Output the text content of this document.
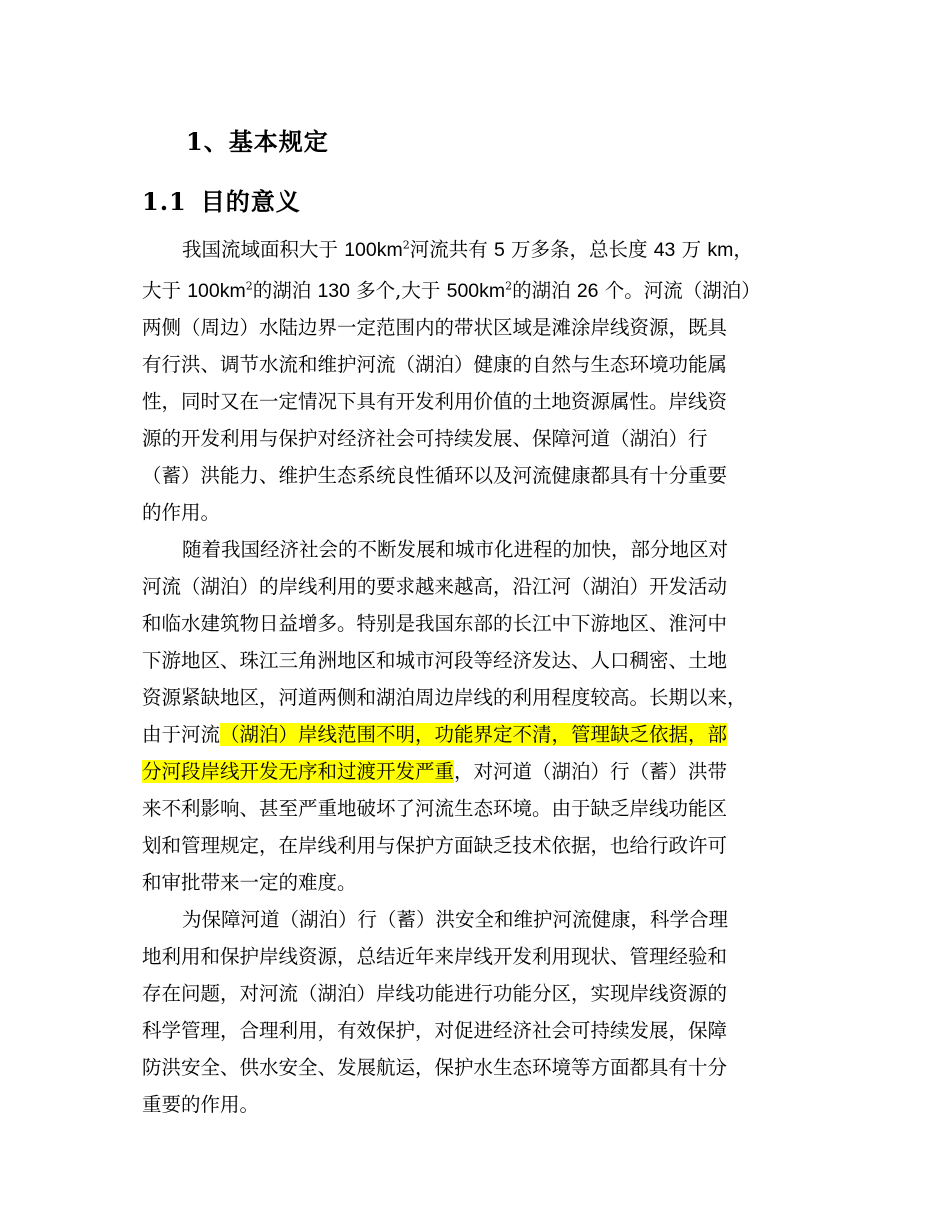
1、基本规定
1.1 目的意义
我国流域面积大于 $100km^2$河流共有 5 万多条，总长度 43 万 km，
大于 $100km^2$的湖泊 130 多个,大于 $500km^2$的湖泊 26 个。河流（湖泊）
两侧（周边）水陆边界一定范围内的带状区域是滩涂岸线资源，既具
有行洪、调节水流和维护河流（湖泊）健康的自然与生态环境功能属
性，同时又在一定情况下具有开发利用价值的土地资源属性。岸线资
源的开发利用与保护对经济社会可持续发展、保障河道（湖泊）行
（蓄）洪能力、维护生态系统良性循环以及河流健康都具有十分重要
的作用。
随着我国经济社会的不断发展和城市化进程的加快，部分地区对
河流（湖泊）的岸线利用的要求越来越高，沿江河（湖泊）开发活动
和临水建筑物日益增多。特别是我国东部的长江中下游地区、淮河中
下游地区、珠江三角洲地区和城市河段等经济发达、人口稠密、土地
资源紧缺地区，河道两侧和湖泊周边岸线的利用程度较高。长期以来，
由于河流（湖泊）岸线范围不明，功能界定不清，管理缺乏依据，部
分河段岸线开发无序和过渡开发严重，对河道（湖泊）行（蓄）洪带
来不利影响、甚至严重地破坏了河流生态环境。由于缺乏岸线功能区
划和管理规定，在岸线利用与保护方面缺乏技术依据，也给行政许可
和审批带来一定的难度。
为保障河道（湖泊）行（蓄）洪安全和维护河流健康，科学合理
地利用和保护岸线资源，总结近年来岸线开发利用现状、管理经验和
存在问题，对河流（湖泊）岸线功能进行功能分区，实现岸线资源的
科学管理，合理利用，有效保护，对促进经济社会可持续发展，保障
防洪安全、供水安全、发展航运，保护水生态环境等方面都具有十分
重要的作用。
